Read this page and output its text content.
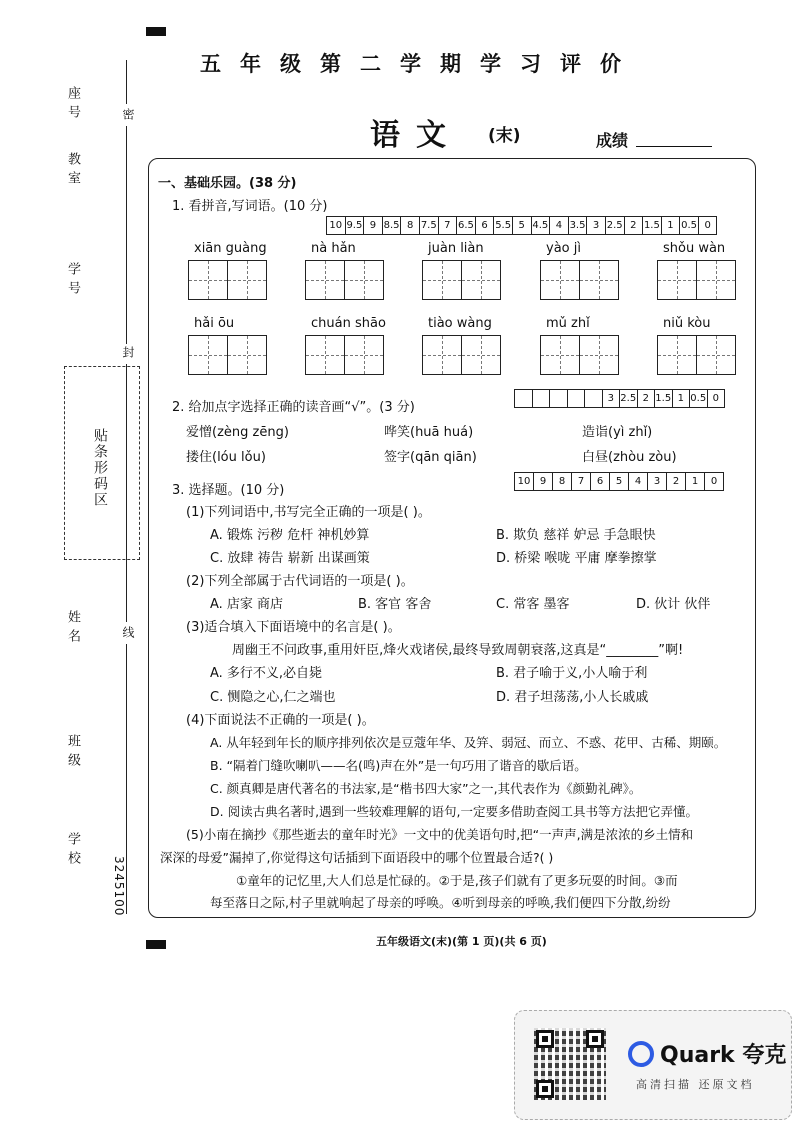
五年级第二学期学习评价
语文 (末)	成绩
座号
教室
学号
姓名
班级
学校
贴条形码区
密
封
线
3245100
一、基础乐园。(38 分)
1. 看拼音,写词语。(10 分)
10 9.5 9 8.5 8 7.5 7 6.5 6 5.5 5 4.5 4 3.5 3 2.5 2 1.5 1 0.5 0
xiān guàng	nà hǎn	juàn liàn	yào jì	shǒu wàn
hǎi ōu	chuán shāo	tiào wàng	mǔ zhǐ	niǔ kòu
2. 给加点字选择正确的读音画“√”。(3 分)
3 2.5 2 1.5 1 0.5 0
爱憎(zèng zēng)	哗笑(huā huá)	造诣(yì zhǐ)
搂住(lóu lǒu)	签字(qān qiān)	白昼(zhòu zòu)
3. 选择题。(10 分)
10 9	8	7	6	5	4	3	2	1	0
(1)下列词语中,书写完全正确的一项是( )。
A. 锻炼 污秽 危杆 神机妙算	B. 欺负 慈祥 妒忌 手急眼快
C. 放肆 祷告 崭新 出谋画策	D. 桥梁 喉咙 平庸 摩拳擦掌
(2)下列全部属于古代词语的一项是( )。
A. 店家 商店	B. 客官 客舍	C. 常客 墨客	D. 伙计 伙伴
(3)适合填入下面语境中的名言是( )。
周幽王不问政事,重用奸臣,烽火戏诸侯,最终导致周朝衰落,这真是“________”啊!
A. 多行不义,必自毙	B. 君子喻于义,小人喻于利
C. 恻隐之心,仁之端也	D. 君子坦荡荡,小人长戚戚
(4)下面说法不正确的一项是( )。
A. 从年轻到年长的顺序排列依次是豆蔻年华、及笄、弱冠、而立、不惑、花甲、古稀、期颐。
B. “隔着门缝吹喇叭——名(鸣)声在外”是一句巧用了谐音的歇后语。
C. 颜真卿是唐代著名的书法家,是“楷书四大家”之一,其代表作为《颜勤礼碑》。
D. 阅读古典名著时,遇到一些较难理解的语句,一定要多借助查阅工具书等方法把它弄懂。
(5)小南在摘抄《那些逝去的童年时光》一文中的优美语句时,把“一声声,满是浓浓的乡土情和
深深的母爱”漏掉了,你觉得这句话插到下面语段中的哪个位置最合适?( )
①童年的记忆里,大人们总是忙碌的。②于是,孩子们就有了更多玩耍的时间。③而
每至落日之际,村子里就响起了母亲的呼唤。④听到母亲的呼唤,我们便四下分散,纷纷
五年级语文(末)(第 1 页)(共 6 页)
Quark 夸克
高清扫描 还原文档
